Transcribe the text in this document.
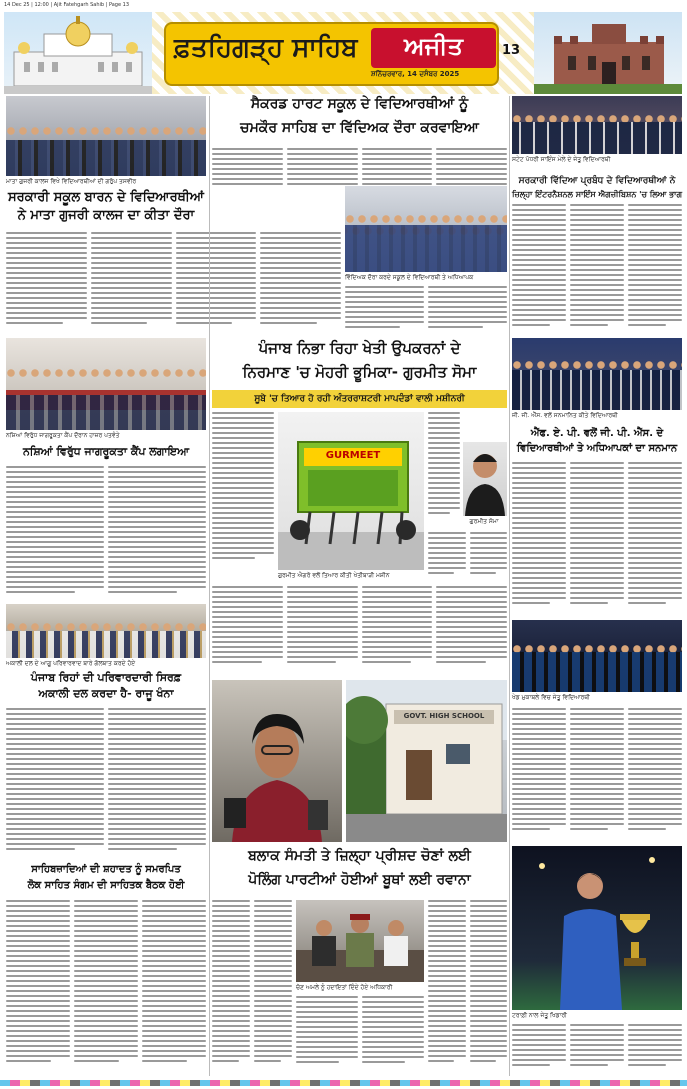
14 Dec 25 | 12:00 | Ajit Fatehgarh Sahib | Page 13
ਫ਼ਤਹਿਗੜ੍ਹ ਸਾਹਿਬ	ਅਜੀਤ
ਸ਼ਨਿੱਚਰਵਾਰ, 14 ਦਸੰਬਰ 2025
13
ਮਾਤਾ ਗੁਜਰੀ ਕਾਲਜ ਵਿਖੇ ਵਿਦਿਆਰਥੀਆਂ ਦੀ ਗਰੁੱਪ ਤਸਵੀਰ
ਸਰਕਾਰੀ ਸਕੂਲ ਬਾਰਨ ਦੇ ਵਿਦਿਆਰਥੀਆਂ
ਨੇ ਮਾਤਾ ਗੁਜਰੀ ਕਾਲਜ ਦਾ ਕੀਤਾ ਦੌਰਾ
ਸੈਕਰਡ ਹਾਰਟ ਸਕੂਲ ਦੇ ਵਿਦਿਆਰਥੀਆਂ ਨੂੰ
ਚਮਕੌਰ ਸਾਹਿਬ ਦਾ ਵਿੱਦਿਅਕ ਦੌਰਾ ਕਰਵਾਇਆ
ਵਿੱਦਿਅਕ ਦੌਰਾ ਕਰਦੇ ਸਕੂਲ ਦੇ ਵਿਦਿਆਰਥੀ ਤੇ ਅਧਿਆਪਕ
ਸਟੇਟ ਪੱਧਰੀ ਸਾਇੰਸ ਮੇਲੇ ਦੇ ਜੇਤੂ ਵਿਦਿਆਰਥੀ
ਸਰਕਾਰੀ ਵਿੱਦਿਆ ਪ੍ਰਬੰਧ ਦੇ ਵਿਦਿਆਰਥੀਆਂ ਨੇ
ਜ਼ਿਲ੍ਹਾ ਇੰਟਰਨੈਸ਼ਨਲ ਸਾਇੰਸ ਐਗਜ਼ੀਬਿਸ਼ਨ 'ਚ ਲਿਆ ਭਾਗ
ਨਸ਼ਿਆਂ ਵਿਰੁੱਧ ਜਾਗਰੂਕਤਾ ਕੈਂਪ ਦੌਰਾਨ ਹਾਜ਼ਰ ਪਤਵੰਤੇ
ਨਸ਼ਿਆਂ ਵਿਰੁੱਧ ਜਾਗਰੂਕਤਾ ਕੈਂਪ ਲਗਾਇਆ
ਪੰਜਾਬ ਨਿਭਾ ਰਿਹਾ ਖੇਤੀ ਉਪਕਰਨਾਂ ਦੇ
ਨਿਰਮਾਣ 'ਚ ਮੋਹਰੀ ਭੂਮਿਕਾ- ਗੁਰਮੀਤ ਸੋਮਾ
ਸੂਬੇ 'ਚ ਤਿਆਰ ਹੋ ਰਹੀ ਅੰਤਰਰਾਸ਼ਟਰੀ ਮਾਪਦੰਡਾਂ ਵਾਲੀ ਮਸ਼ੀਨਰੀ
GURMEET
ਗੁਰਮੀਤ ਐਗਰੋ ਵਲੋਂ ਤਿਆਰ ਕੀਤੀ ਖੇਤੀਬਾੜੀ ਮਸ਼ੀਨ
ਗੁਰਮੀਤ ਸੋਮਾ
ਜੀ. ਜੀ. ਐੱਸ. ਵਲੋਂ ਸਨਮਾਨਿਤ ਕੀਤੇ ਵਿਦਿਆਰਥੀ
ਐੱਫ. ਏ. ਪੀ. ਵਲੋਂ ਜੀ. ਪੀ. ਐੱਸ. ਦੇ
ਵਿਦਿਆਰਥੀਆਂ ਤੇ ਅਧਿਆਪਕਾਂ ਦਾ ਸਨਮਾਨ
ਅਕਾਲੀ ਦਲ ਦੇ ਆਗੂ ਪਰਿਵਾਰਵਾਦ ਬਾਰੇ ਗੱਲਬਾਤ ਕਰਦੇ ਹੋਏ
ਪੰਜਾਬ ਰਿਹਾਂ ਦੀ ਪਰਿਵਾਰਦਾਰੀ ਸਿਰਫ਼
ਅਕਾਲੀ ਦਲ ਕਰਦਾ ਹੈ- ਰਾਜੂ ਖੰਨਾ
GOVT. HIGH SCHOOL
ਖੇਡ ਮੁਕਾਬਲੇ ਵਿਚ ਜੇਤੂ ਵਿਦਿਆਰਥੀ
ਸਾਹਿਬਜ਼ਾਦਿਆਂ ਦੀ ਸ਼ਹਾਦਤ ਨੂੰ ਸਮਰਪਿਤ
ਲੋਕ ਸਾਹਿਤ ਸੰਗਮ ਦੀ ਸਾਹਿਤਕ ਬੈਠਕ ਹੋਈ
ਬਲਾਕ ਸੰਮਤੀ ਤੇ ਜ਼ਿਲ੍ਹਾ ਪ੍ਰੀਸ਼ਦ ਚੋਣਾਂ ਲਈ
ਪੋਲਿੰਗ ਪਾਰਟੀਆਂ ਹੋਈਆਂ ਬੂਥਾਂ ਲਈ ਰਵਾਨਾ
ਚੋਣ ਅਮਲੇ ਨੂੰ ਹਦਾਇਤਾਂ ਦਿੰਦੇ ਹੋਏ ਅਧਿਕਾਰੀ
ਟਰਾਫ਼ੀ ਨਾਲ ਜੇਤੂ ਖਿਡਾਰੀ
